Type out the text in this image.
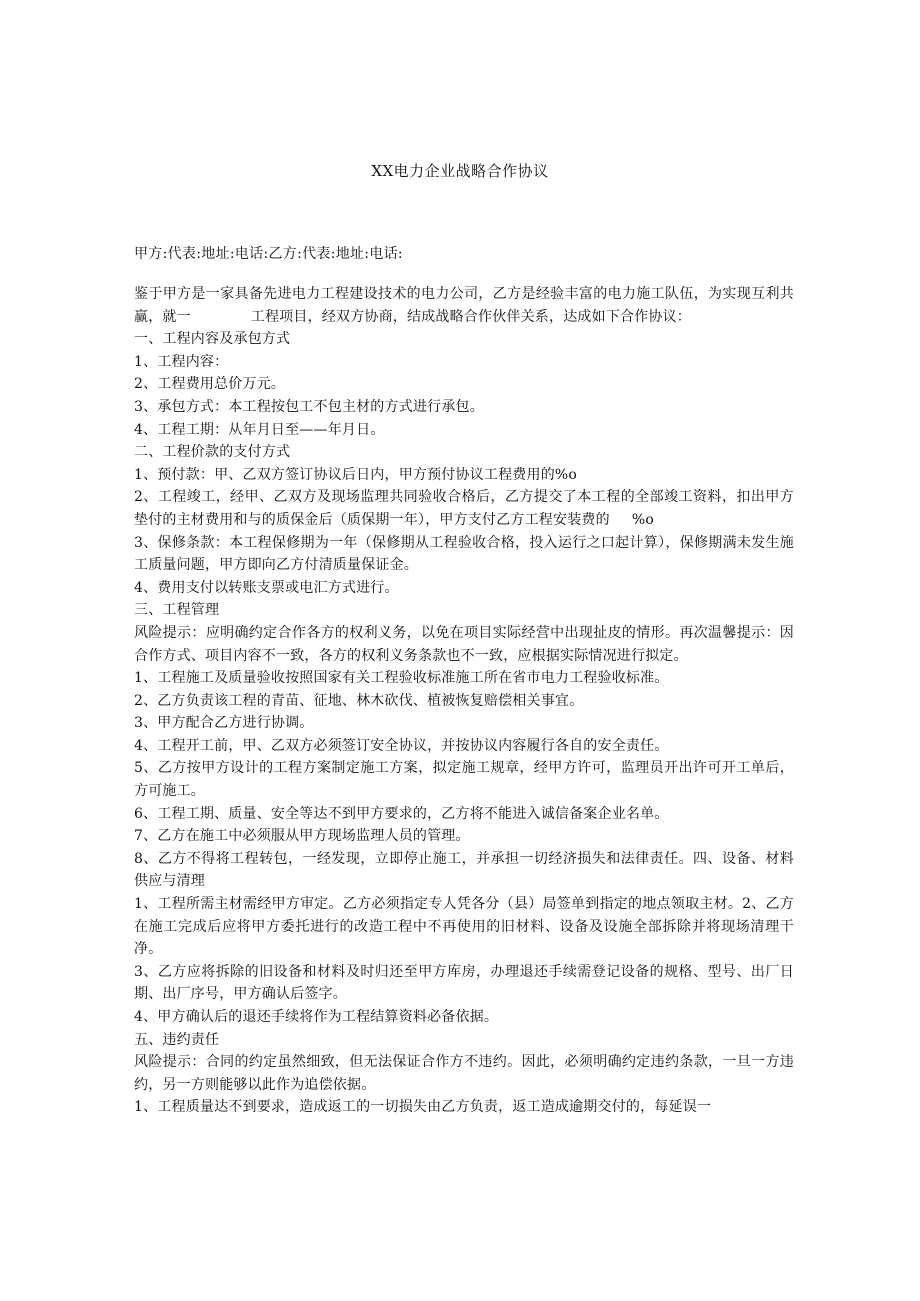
XX电力企业战略合作协议
甲方:代表:地址:电话:乙方:代表:地址:电话:

鉴于甲方是一家具备先进电力工程建设技术的电力公司，乙方是经验丰富的电力施工队伍，为实现互利共赢，就一	工程项目，经双方协商，结成战略合作伙伴关系，达成如下合作协议：

一、工程内容及承包方式

1、工程内容：

2、工程费用总价万元。

3、承包方式：本工程按包工不包主材的方式进行承包。

4、工程工期：从年月日至——年月日。

二、工程价款的支付方式

1、预付款：甲、乙双方签订协议后日内，甲方预付协议工程费用的%o

2、工程竣工，经甲、乙双方及现场监理共同验收合格后，乙方提交了本工程的全部竣工资料，扣出甲方垫付的主材费用和与的质保金后（质保期一年），甲方支付乙方工程安装费的 %o

3、保修条款：本工程保修期为一年（保修期从工程验收合格，投入运行之口起计算），保修期满未发生施工质量问题，甲方即向乙方付清质量保证金。

4、费用支付以转账支票或电汇方式进行。

三、工程管理

风险提示：应明确约定合作各方的权利义务，以免在项目实际经营中出现扯皮的情形。再次温馨提示：因合作方式、项目内容不一致，各方的权利义务条款也不一致，应根据实际情况进行拟定。

1、工程施工及质量验收按照国家有关工程验收标准施工所在省市电力工程验收标准。

2、乙方负责该工程的青苗、征地、林木砍伐、植被恢复赔偿相关事宜。

3、甲方配合乙方进行协调。

4、工程开工前，甲、乙双方必须签订安全协议，并按协议内容履行各自的安全责任。

5、乙方按甲方设计的工程方案制定施工方案，拟定施工规章，经甲方许可，监理员开出许可开工单后，方可施工。

6、工程工期、质量、安全等达不到甲方要求的，乙方将不能进入诚信备案企业名单。

7、乙方在施工中必须服从甲方现场监理人员的管理。

8、乙方不得将工程转包，一经发现，立即停止施工，并承担一切经济损失和法律责任。四、设备、材料供应与清理

1、工程所需主材需经甲方审定。乙方必须指定专人凭各分（县）局签单到指定的地点领取主材。2、乙方在施工完成后应将甲方委托进行的改造工程中不再使用的旧材料、设备及设施全部拆除并将现场清理干净。

3、乙方应将拆除的旧设备和材料及时归还至甲方库房，办理退还手续需登记设备的规格、型号、出厂日期、出厂序号，甲方确认后签字。

4、甲方确认后的退还手续将作为工程结算资料必备依据。

五、违约责任

风险提示：合同的约定虽然细致，但无法保证合作方不违约。因此，必须明确约定违约条款，一旦一方违约，另一方则能够以此作为追偿依据。

1、工程质量达不到要求，造成返工的一切损失由乙方负责，返工造成逾期交付的，每延误一
